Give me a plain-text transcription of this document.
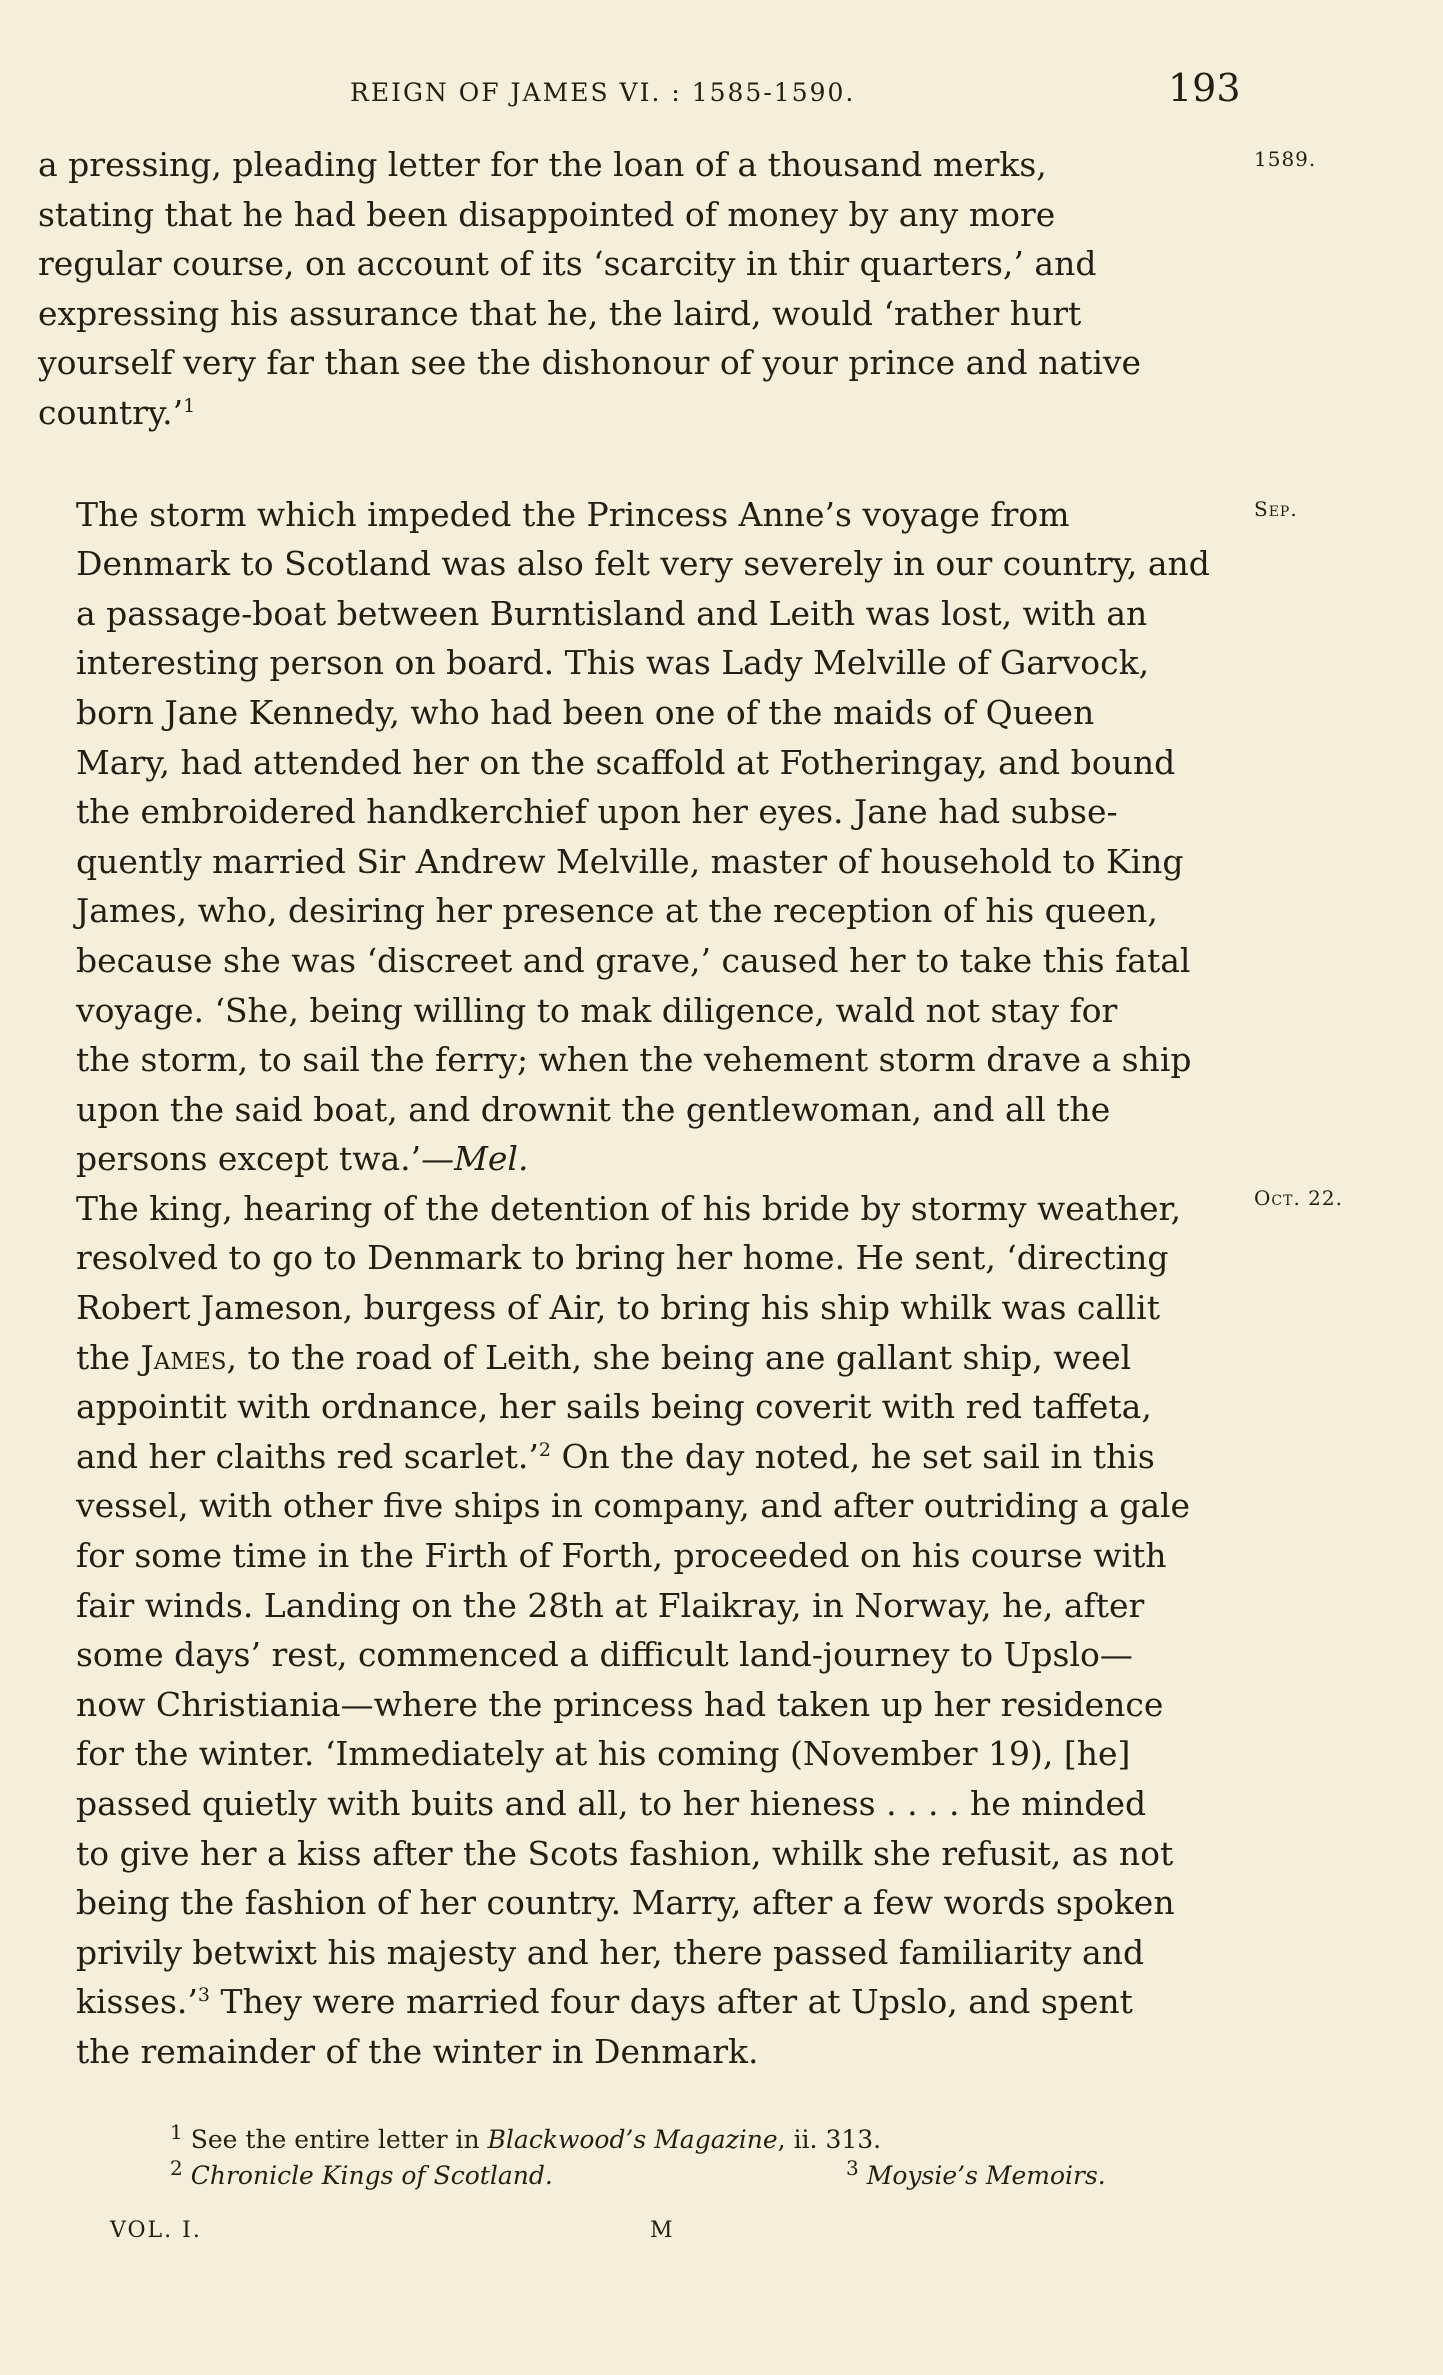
REIGN OF JAMES VI. : 1585-1590.	193
1589.
Sep.
Oct. 22.

a pressing, pleading letter for the loan of a thousand merks,
stating that he had been disappointed of money by any more
regular course, on account of its ‘scarcity in thir quarters,’ and
expressing his assurance that he, the laird, would ‘rather hurt
yourself very far than see the dishonour of your prince and native
country.’$^1$

The storm which impeded the Princess Anne’s voyage from
Denmark to Scotland was also felt very severely in our country, and
a passage-boat between Burntisland and Leith was lost, with an
interesting person on board. This was Lady Melville of Garvock,
born Jane Kennedy, who had been one of the maids of Queen
Mary, had attended her on the scaffold at Fotheringay, and bound
the embroidered handkerchief upon her eyes. Jane had subse-
quently married Sir Andrew Melville, master of household to King
James, who, desiring her presence at the reception of his queen,
because she was ‘discreet and grave,’ caused her to take this fatal
voyage. ‘She, being willing to mak diligence, wald not stay for
the storm, to sail the ferry; when the vehement storm drave a ship
upon the said boat, and drownit the gentlewoman, and all the
persons except twa.’—Mel.

The king, hearing of the detention of his bride by stormy weather,
resolved to go to Denmark to bring her home. He sent, ‘directing
Robert Jameson, burgess of Air, to bring his ship whilk was callit
the James, to the road of Leith, she being ane gallant ship, weel
appointit with ordnance, her sails being coverit with red taffeta,
and her claiths red scarlet.’$^2$ On the day noted, he set sail in this
vessel, with other five ships in company, and after outriding a gale
for some time in the Firth of Forth, proceeded on his course with
fair winds. Landing on the 28th at Flaikray, in Norway, he, after
some days’ rest, commenced a difficult land-journey to Upslo—
now Christiania—where the princess had taken up her residence
for the winter. ‘Immediately at his coming (November 19), [he]
passed quietly with buits and all, to her hieness . . . . he minded
to give her a kiss after the Scots fashion, whilk she refusit, as not
being the fashion of her country. Marry, after a few words spoken
privily betwixt his majesty and her, there passed familiarity and
kisses.’$^3$ They were married four days after at Upslo, and spent
the remainder of the winter in Denmark.

$^1$ See the entire letter in Blackwood’s Magazine, ii. 313.
$^2$ Chronicle Kings of Scotland.	$^3$ Moysie’s Memoirs.
VOL. I.	M
